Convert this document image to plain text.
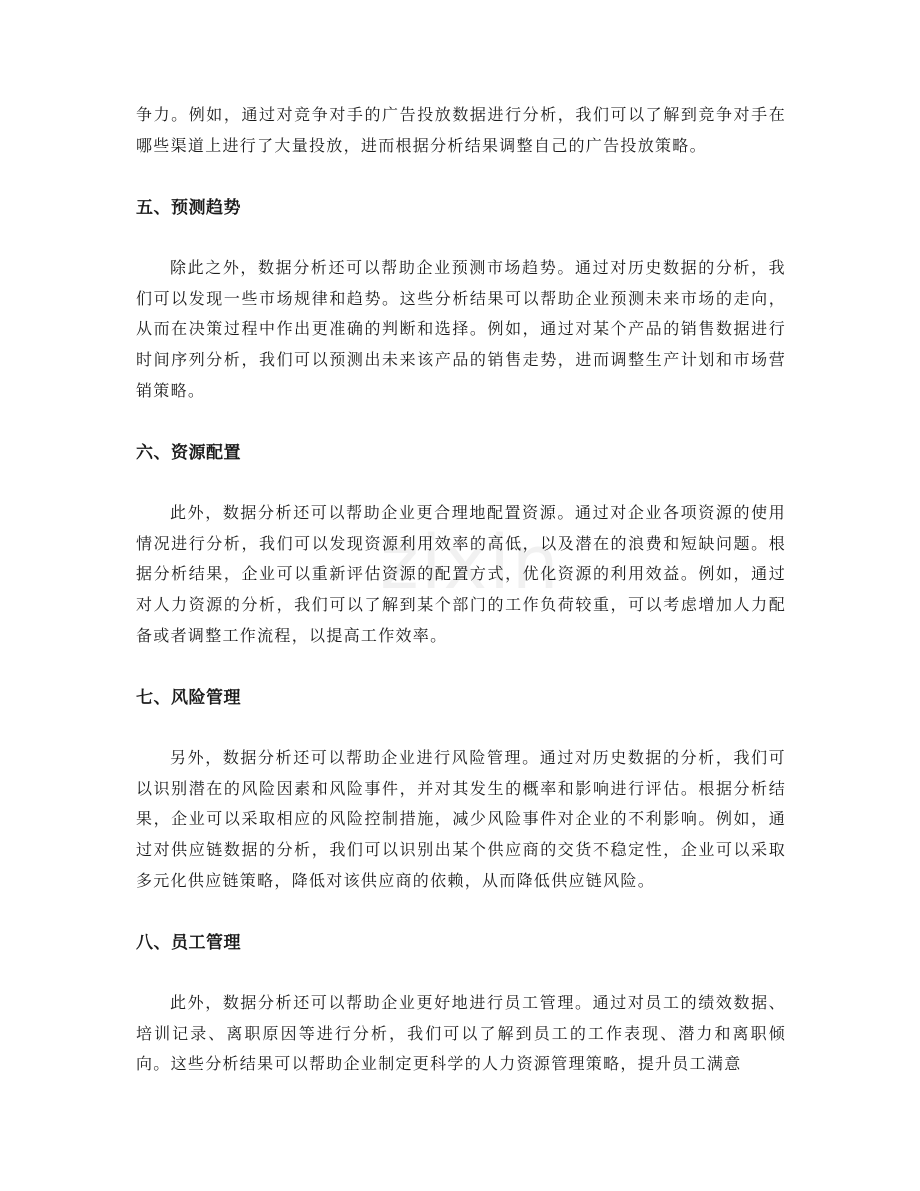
zixin

争力。例如，通过对竞争对手的广告投放数据进行分析，我们可以了解到竞争对手在哪些渠道上进行了大量投放，进而根据分析结果调整自己的广告投放策略。

五、预测趋势

除此之外，数据分析还可以帮助企业预测市场趋势。通过对历史数据的分析，我们可以发现一些市场规律和趋势。这些分析结果可以帮助企业预测未来市场的走向，从而在决策过程中作出更准确的判断和选择。例如，通过对某个产品的销售数据进行时间序列分析，我们可以预测出未来该产品的销售走势，进而调整生产计划和市场营销策略。

六、资源配置

此外，数据分析还可以帮助企业更合理地配置资源。通过对企业各项资源的使用情况进行分析，我们可以发现资源利用效率的高低，以及潜在的浪费和短缺问题。根据分析结果，企业可以重新评估资源的配置方式，优化资源的利用效益。例如，通过对人力资源的分析，我们可以了解到某个部门的工作负荷较重，可以考虑增加人力配备或者调整工作流程，以提高工作效率。

七、风险管理

另外，数据分析还可以帮助企业进行风险管理。通过对历史数据的分析，我们可以识别潜在的风险因素和风险事件，并对其发生的概率和影响进行评估。根据分析结果，企业可以采取相应的风险控制措施，减少风险事件对企业的不利影响。例如，通过对供应链数据的分析，我们可以识别出某个供应商的交货不稳定性，企业可以采取多元化供应链策略，降低对该供应商的依赖，从而降低供应链风险。

八、员工管理

此外，数据分析还可以帮助企业更好地进行员工管理。通过对员工的绩效数据、培训记录、离职原因等进行分析，我们可以了解到员工的工作表现、潜力和离职倾向。这些分析结果可以帮助企业制定更科学的人力资源管理策略，提升员工满意
